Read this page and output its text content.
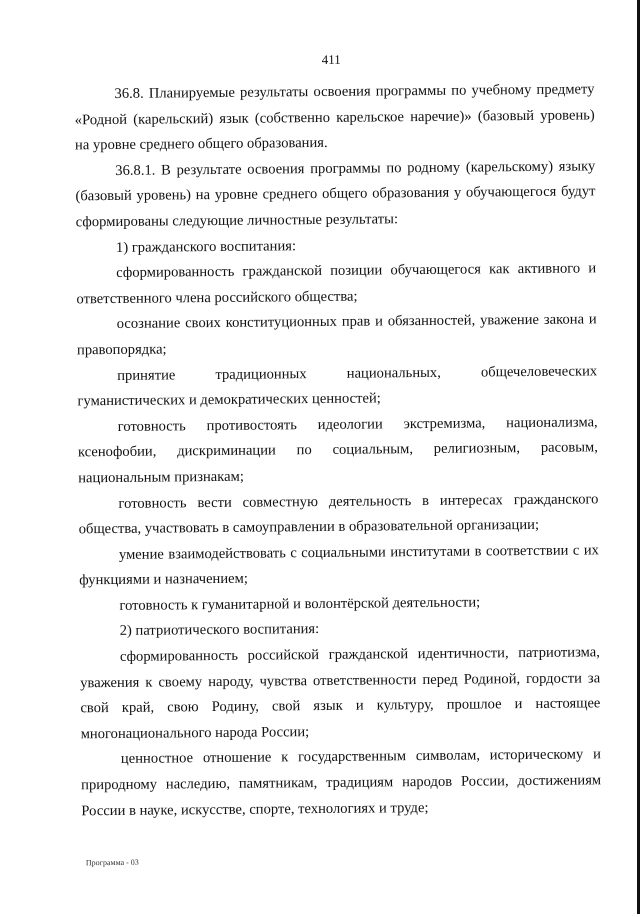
411

36.8. Планируемые результаты освоения программы по учебному предмету «Родной (карельский) язык (собственно карельское наречие)» (базовый уровень) на уровне среднего общего образования.

36.8.1. В результате освоения программы по родному (карельскому) языку (базовый уровень) на уровне среднего общего образования у обучающегося будут сформированы следующие личностные результаты:

1) гражданского воспитания:

сформированность гражданской позиции обучающегося как активного и ответственного члена российского общества;

осознание своих конституционных прав и обязанностей, уважение закона и правопорядка;

принятие традиционных национальных, общечеловеческих гуманистических и демократических ценностей;

готовность противостоять идеологии экстремизма, национализма, ксенофобии, дискриминации по социальным, религиозным, расовым, национальным признакам;

готовность вести совместную деятельность в интересах гражданского общества, участвовать в самоуправлении в образовательной организации;

умение взаимодействовать с социальными институтами в соответствии с их функциями и назначением;

готовность к гуманитарной и волонтёрской деятельности;

2) патриотического воспитания:

сформированность российской гражданской идентичности, патриотизма, уважения к своему народу, чувства ответственности перед Родиной, гордости за свой край, свою Родину, свой язык и культуру, прошлое и настоящее многонационального народа России;

ценностное отношение к государственным символам, историческому и природному наследию, памятникам, традициям народов России, достижениям России в науке, искусстве, спорте, технологиях и труде;

Программа - 03
